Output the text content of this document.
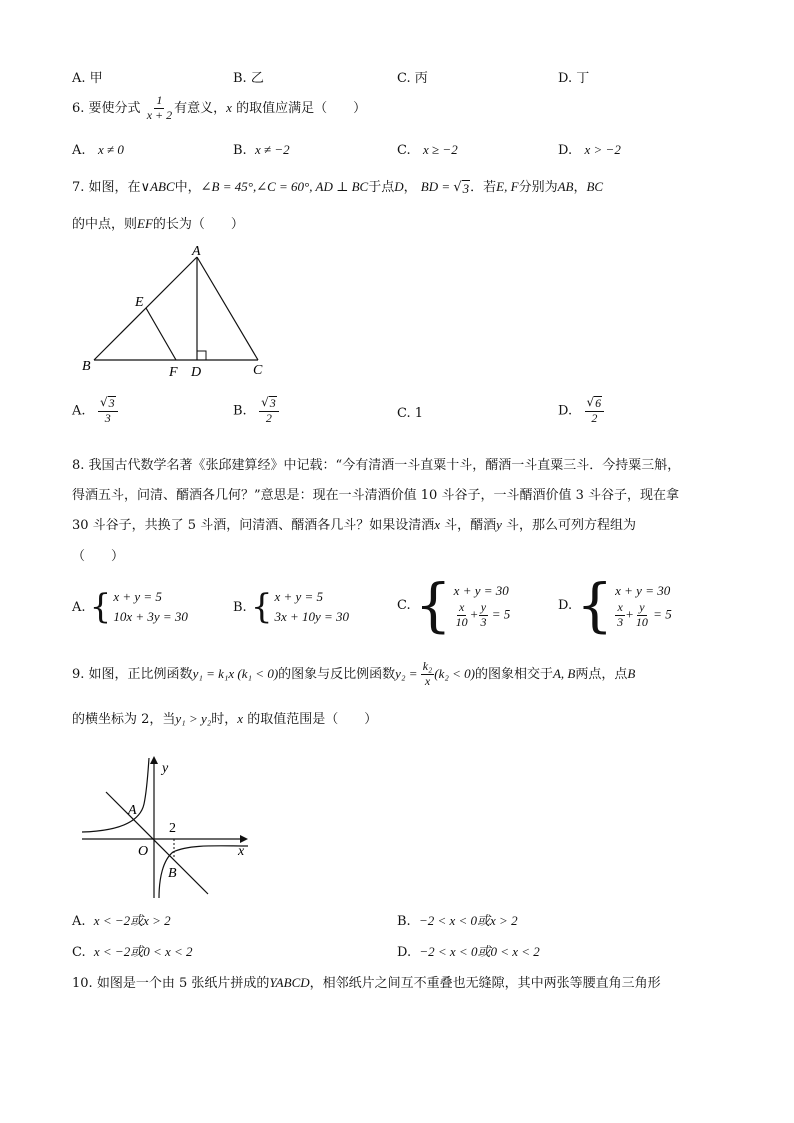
A. 甲	B. 乙	C. 丙	D. 丁
6. 要使分式 $\frac{1}{x + 2}$ 有意义，x 的取值应满足（　　）
A. x ≠ 0	B. x ≠ −2	C. x ≥ −2	D. x > −2
7. 如图，在∨ABC中，∠B = 45°,∠C = 60°, AD ⊥ BC于点D， BD = √ 3 ．若E, F分别为AB，BC
的中点，则EF的长为（　　）
A
E
B	F D	C
A. $\frac{√ 3}{3}$	B. $\frac{√ 3}{2}$	C. 1	D. $\frac{√ 6}{2}$
8. 我国古代数学名著《张邱建算经》中记载：“今有清酒一斗直粟十斗，醑酒一斗直粟三斗．今持粟三斛，
得酒五斗，问清、醑酒各几何？”意思是：现在一斗清酒价值 10 斗谷子，一斗醑酒价值 3 斗谷子，现在拿
30 斗谷子，共换了 5 斗酒，问清酒、醑酒各几斗？如果设清酒x 斗，醑酒y 斗，那么可列方程组为
（　　）
A.
{ x + y = 5
10x + 3y = 30
B.
{ x + y = 5
3x + 10y = 30
C.
{ x + y = 30
$\frac{x}{10} + \frac{y}{3} = 5$
D.
{ x + y = 30
$\frac{x}{3} + \frac{y}{10} = 5$
9. 如图，正比例函数y₁ = k₁x (k₁ < 0)的图象与反比例函数$y_2 = \frac{\text{k₂}}{x} (k_2 < 0)$的图象相交于A, B两点，点B
的横坐标为 2，当y₁ > y₂时，x 的取值范围是（　　）
y
x
O
A
B
2
A. x < −2或x > 2	B. −2 < x < 0或x > 2
C. x < −2或0 < x < 2	D. −2 < x < 0或0 < x < 2
10. 如图是一个由 5 张纸片拼成的YABCD，相邻纸片之间互不重叠也无缝隙，其中两张等腰直角三角形
